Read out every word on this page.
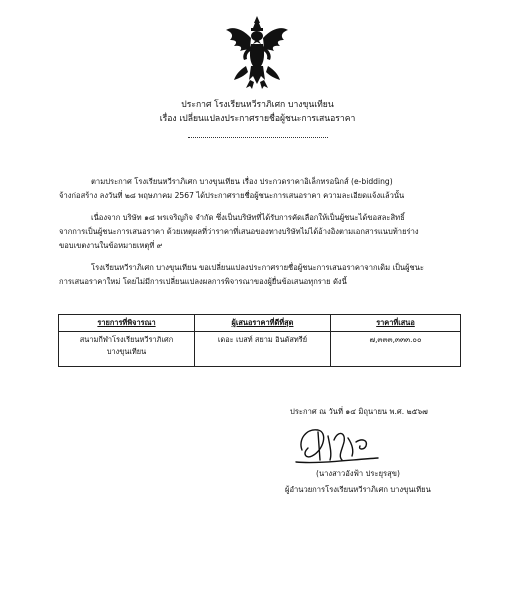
ประกาศ โรงเรียนหวีราภิเศก บางขุนเทียน
เรื่อง เปลี่ยนแปลงประกาศรายชื่อผู้ชนะการเสนอราคา
ตามประกาศ โรงเรียนหวีราภิเศก บางขุนเทียน เรื่อง ประกวดราคาอิเล็กทรอนิกส์ (e-bidding)
จ้างก่อสร้าง ลงวันที่ ๒๘ พฤษภาคม 2567 ได้ประกาศรายชื่อผู้ชนะการเสนอราคา ความละเอียดแจ้งแล้วนั้น
เนื่องจาก บริษัท ๑๘ พรเจริญกิจ จำกัด ซึ่งเป็นบริษัทที่ได้รับการคัดเลือกให้เป็นผู้ชนะได้ขอสละสิทธิ์
จากการเป็นผู้ชนะการเสนอราคา ด้วยเหตุผลที่ว่าราคาที่เสนอของทางบริษัทไม่ได้อ้างอิงตามเอกสารแนบท้ายร่าง
ขอบเขตงานในข้อหมายเหตุที่ ๙
โรงเรียนหวีราภิเศก บางขุนเทียน ขอเปลี่ยนแปลงประกาศรายชื่อผู้ชนะการเสนอราคาจากเดิม เป็นผู้ชนะ
การเสนอราคาใหม่ โดยไม่มีการเปลี่ยนแปลงผลการพิจารณาของผู้ยื่นข้อเสนอทุกราย ดังนี้
รายการที่พิจารณา	ผู้เสนอราคาที่ดีที่สุด	ราคาที่เสนอ

สนามกีฬาโรงเรียนหวีราภิเศก
บางขุนเทียน	เดอะ เบสท์ สยาม อินดัสทรีย์	๗,๓๓๓,๓๓๓.๐๐
ประกาศ ณ วันที่ ๑๔ มิถุนายน พ.ศ. ๒๕๖๗
(นางสาวอังฟ้า ประยุรสุข)
ผู้อำนวยการโรงเรียนหวีราภิเศก บางขุนเทียน
